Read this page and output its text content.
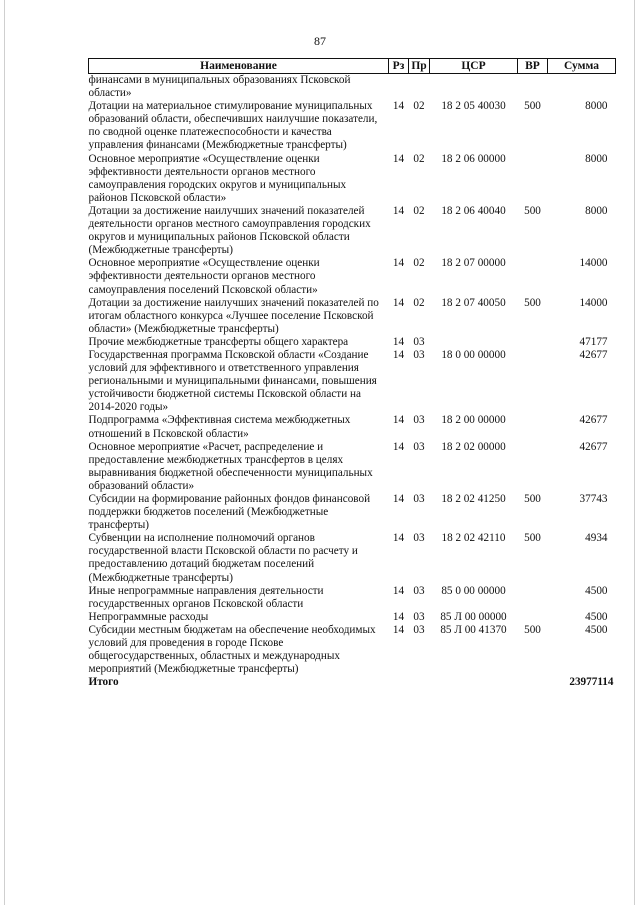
87
Наименование	Рз	Пр	ЦСР	ВР	Сумма
финансами в муниципальных образованиях Псковской области»					
Дотации на материальное стимулирование муниципальных образований области, обеспечивших наилучшие показатели, по сводной оценке платежеспособности и качества управления финансами (Межбюджетные трансферты)	14	02	18 2 05 40030	500	8000
Основное мероприятие «Осуществление оценки эффективности деятельности органов местного самоуправления городских округов и муниципальных районов Псковской области»	14	02	18 2 06 00000		8000
Дотации за достижение наилучших значений показателей деятельности органов местного самоуправления городских округов и муниципальных районов Псковской области (Межбюджетные трансферты)	14	02	18 2 06 40040	500	8000
Основное мероприятие «Осуществление оценки эффективности деятельности органов местного самоуправления поселений Псковской области»	14	02	18 2 07 00000		14000
Дотации за достижение наилучших значений показателей по итогам областного конкурса «Лучшее поселение Псковской области» (Межбюджетные трансферты)	14	02	18 2 07 40050	500	14000
Прочие межбюджетные трансферты общего характера	14	03			47177
Государственная программа Псковской области «Создание условий для эффективного и ответственного управления региональными и муниципальными финансами, повышения устойчивости бюджетной системы Псковской области на 2014-2020 годы»	14	03	18 0 00 00000		42677
Подпрограмма «Эффективная система межбюджетных отношений в Псковской области»	14	03	18 2 00 00000		42677
Основное мероприятие «Расчет, распределение и предоставление межбюджетных трансфертов в целях выравнивания бюджетной обеспеченности муниципальных образований области»	14	03	18 2 02 00000		42677
Субсидии на формирование районных фондов финансовой поддержки бюджетов поселений (Межбюджетные трансферты)	14	03	18 2 02 41250	500	37743
Субвенции на исполнение полномочий органов государственной власти Псковской области по расчету и предоставлению дотаций бюджетам поселений (Межбюджетные трансферты)	14	03	18 2 02 42110	500	4934
Иные непрограммные направления деятельности государственных органов Псковской области	14	03	85 0 00 00000		4500
Непрограммные расходы	14	03	85 Л 00 00000		4500
Субсидии местным бюджетам на обеспечение необходимых условий для проведения в городе Пскове общегосударственных, областных и международных мероприятий (Межбюджетные трансферты)	14	03	85 Л 00 41370	500	4500
Итого					23977114
